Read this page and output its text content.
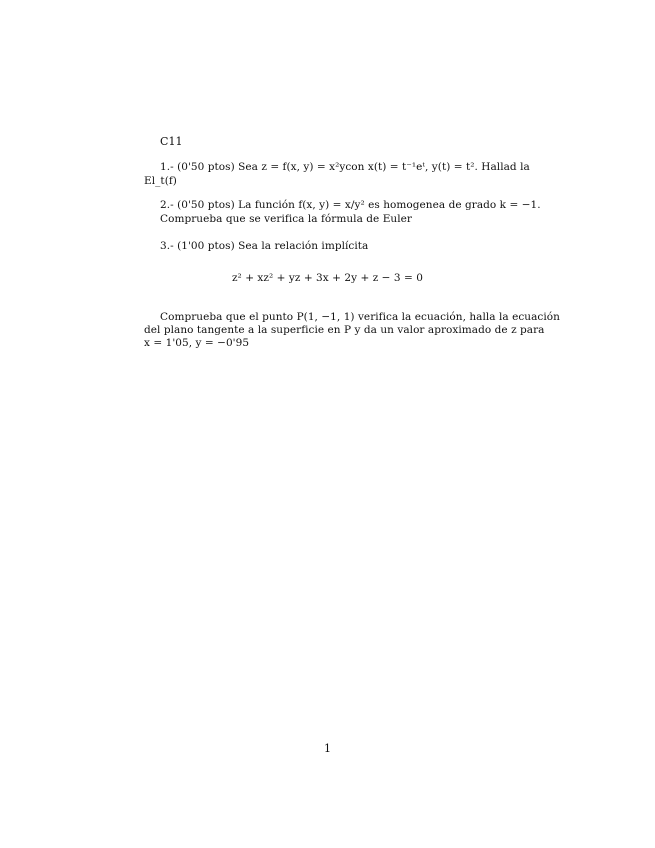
C11
1.- (0'50 ptos) Sea z = f(x, y) = x²ycon x(t) = t⁻¹eᵗ, y(t) = t². Hallad la
El_t(f)
2.- (0'50 ptos) La función f(x, y) = x/y² es homogenea de grado k = −1.
Comprueba que se verifica la fórmula de Euler
3.- (1'00 ptos) Sea la relación implícita
z² + xz² + yz + 3x + 2y + z − 3 = 0
Comprueba que el punto P(1, −1, 1) verifica la ecuación, halla la ecuación
del plano tangente a la superficie en P y da un valor aproximado de z para
x = 1'05, y = −0'95
1
